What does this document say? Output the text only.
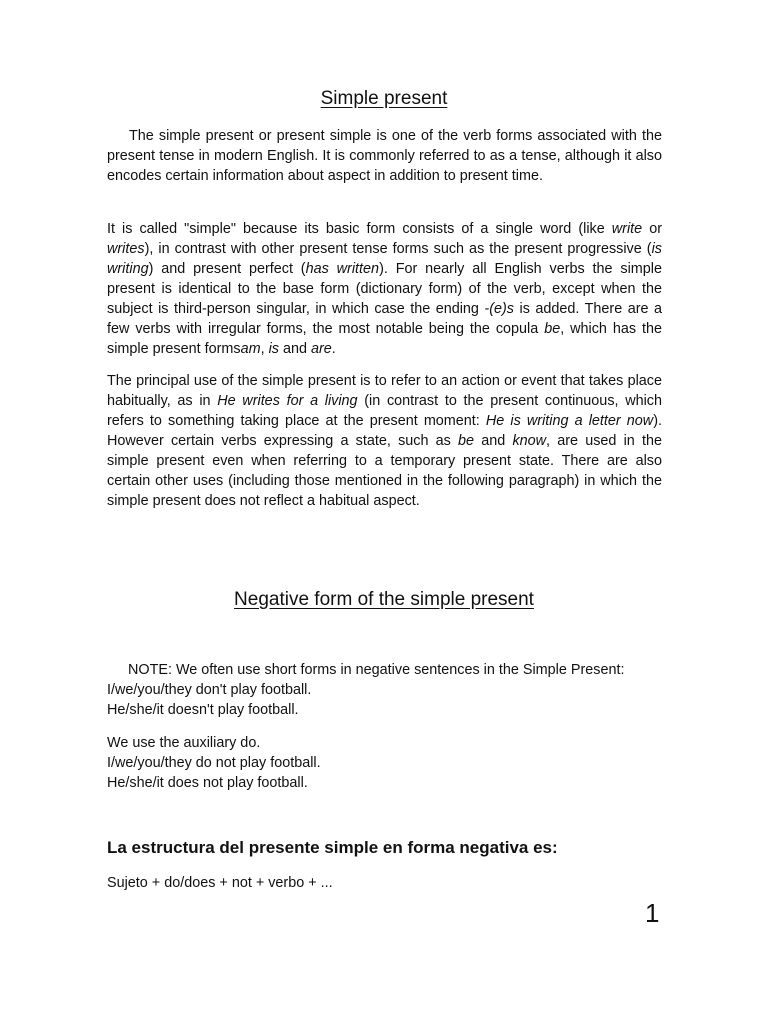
Simple present

The simple present or present simple is one of the verb forms associated with the present tense in modern English. It is commonly referred to as a tense, although it also encodes certain information about aspect in addition to present time.

It is called "simple" because its basic form consists of a single word (like write or writes), in contrast with other present tense forms such as the present progressive (is writing) and present perfect (has written). For nearly all English verbs the simple present is identical to the base form (dictionary form) of the verb, except when the subject is third-person singular, in which case the ending -(e)s is added. There are a few verbs with irregular forms, the most notable being the copula be, which has the simple present formsam, is and are.

The principal use of the simple present is to refer to an action or event that takes place habitually, as in He writes for a living (in contrast to the present continuous, which refers to something taking place at the present moment: He is writing a letter now). However certain verbs expressing a state, such as be and know, are used in the simple present even when referring to a temporary present state. There are also certain other uses (including those mentioned in the following paragraph) in which the simple present does not reflect a habitual aspect.

Negative form of the simple present
NOTE: We often use short forms in negative sentences in the Simple Present:
I/we/you/they don't play football.
He/she/it doesn't play football.
We use the auxiliary do.
I/we/you/they do not play football.
He/she/it does not play football.
La estructura del presente simple en forma negativa es:
Sujeto + do/does + not + verbo + ...
1
